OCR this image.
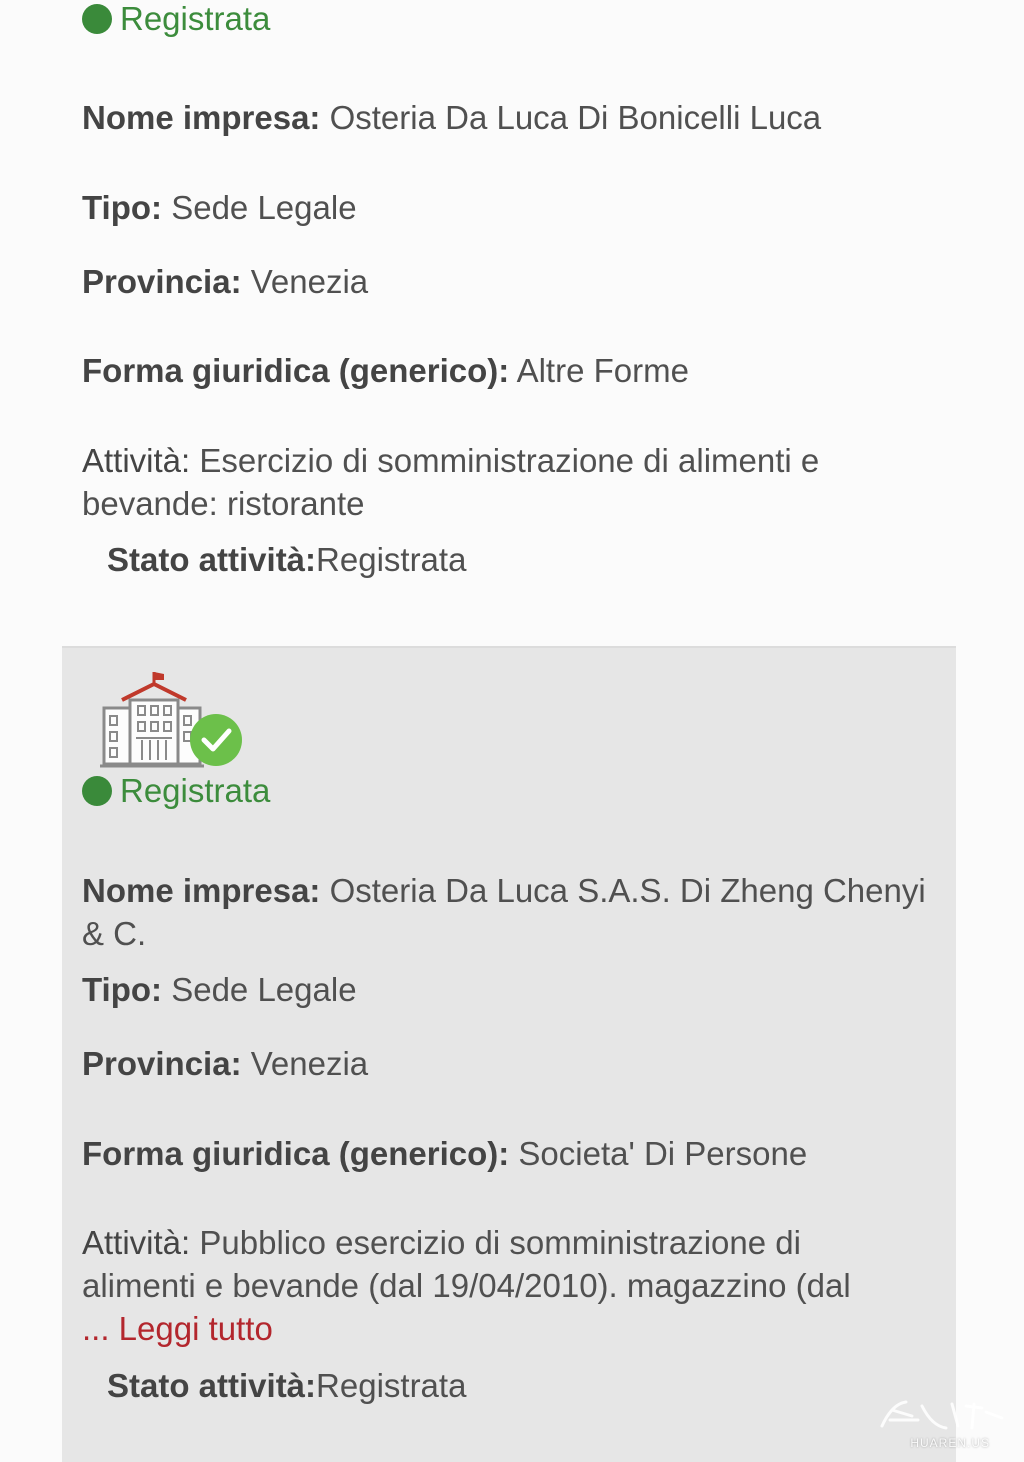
Registrata
Nome impresa: Osteria Da Luca Di Bonicelli Luca
Tipo: Sede Legale
Provincia: Venezia
Forma giuridica (generico): Altre Forme
Attività: Esercizio di somministrazione di alimenti e bevande: ristorante
Stato attività:Registrata
Registrata
Nome impresa: Osteria Da Luca S.A.S. Di Zheng Chenyi & C.
Tipo: Sede Legale
Provincia: Venezia
Forma giuridica (generico): Societa' Di Persone
Attività: Pubblico esercizio di somministrazione di alimenti e bevande (dal 19/04/2010). magazzino (dal
... Leggi tutto
Stato attività:Registrata
HUAREN.US
